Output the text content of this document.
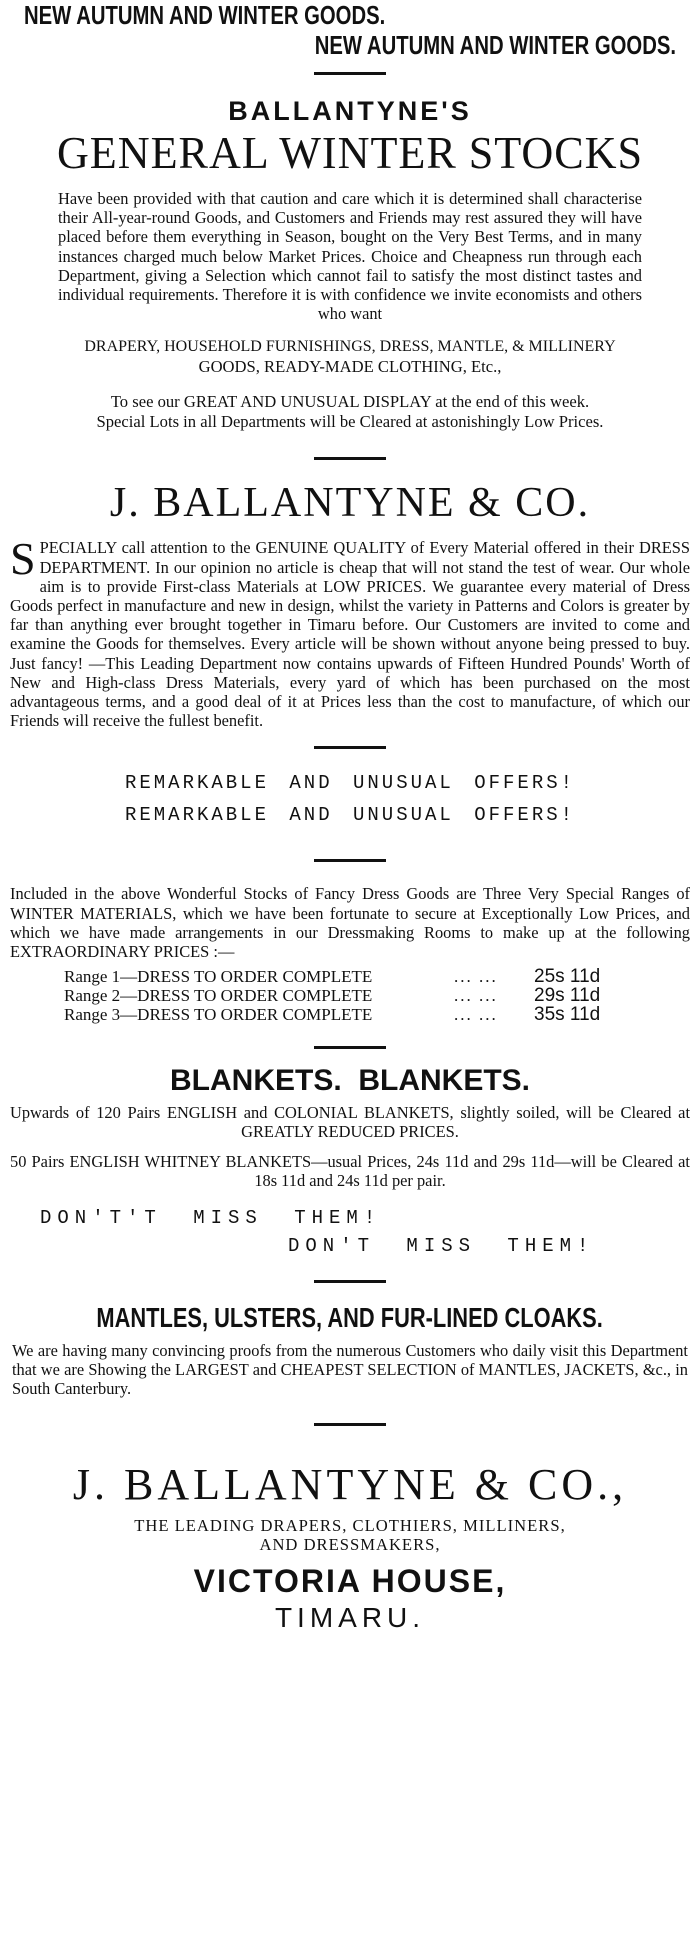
NEW AUTUMN AND WINTER GOODS.
NEW AUTUMN AND WINTER GOODS.
BALLANTYNE'S
GENERAL WINTER STOCKS
Have been provided with that caution and care which it is determined shall characterise their All-year-round Goods, and Customers and Friends may rest assured they will have placed before them everything in Season, bought on the Very Best Terms, and in many instances charged much below Market Prices. Choice and Cheapness run through each Department, giving a Selection which cannot fail to satisfy the most distinct tastes and individual requirements. Therefore it is with confidence we invite economists and others who want
DRAPERY, HOUSEHOLD FURNISHINGS, DRESS, MANTLE, & MILLINERY
GOODS, READY-MADE CLOTHING, Etc.,
To see our GREAT AND UNUSUAL DISPLAY at the end of this week.
Special Lots in all Departments will be Cleared at astonishingly Low Prices.
J. BALLANTYNE & CO.
S PECIALLY call attention to the GENUINE QUALITY of Every Material offered in their DRESS DEPARTMENT. In our opinion no article is cheap that will not stand the test of wear. Our whole aim is to provide First-class Materials at LOW PRICES. We guarantee every material of Dress Goods perfect in manufacture and new in design, whilst the variety in Patterns and Colors is greater by far than anything ever brought together in Timaru before. Our Customers are invited to come and examine the Goods for themselves. Every article will be shown without anyone being pressed to buy. Just fancy! —This Leading Department now contains upwards of Fifteen Hundred Pounds' Worth of New and High-class Dress Materials, every yard of which has been purchased on the most advantageous terms, and a good deal of it at Prices less than the cost to manufacture, of which our Friends will receive the fullest benefit.
REMARKABLE AND UNUSUAL OFFERS!
REMARKABLE AND UNUSUAL OFFERS!
Included in the above Wonderful Stocks of Fancy Dress Goods are Three Very Special Ranges of WINTER MATERIALS, which we have been fortunate to secure at Exceptionally Low Prices, and which we have made arrangements in our Dressmaking Rooms to make up at the following EXTRAORDINARY PRICES :—
Range 1—DRESS TO ORDER COMPLETE	... ...	25s 11d
Range 2—DRESS TO ORDER COMPLETE	... ...	29s 11d
Range 3—DRESS TO ORDER COMPLETE	... ...	35s 11d
BLANKETS.  BLANKETS.
Upwards of 120 Pairs ENGLISH and COLONIAL BLANKETS, slightly soiled, will be Cleared at GREATLY REDUCED PRICES.
50 Pairs ENGLISH WHITNEY BLANKETS—usual Prices, 24s 11d and 29s 11d—will be Cleared at 18s 11d and 24s 11d per pair.
DON'T'T MISS THEM!
DON'T MISS THEM!
MANTLES, ULSTERS, AND FUR-LINED CLOAKS.
We are having many convincing proofs from the numerous Customers who daily visit this Department that we are Showing the LARGEST and CHEAPEST SELECTION of MANTLES, JACKETS, &c., in South Canterbury.
J. BALLANTYNE & CO.,
THE LEADING DRAPERS, CLOTHIERS, MILLINERS,
AND DRESSMAKERS,
VICTORIA HOUSE,
TIMARU.
